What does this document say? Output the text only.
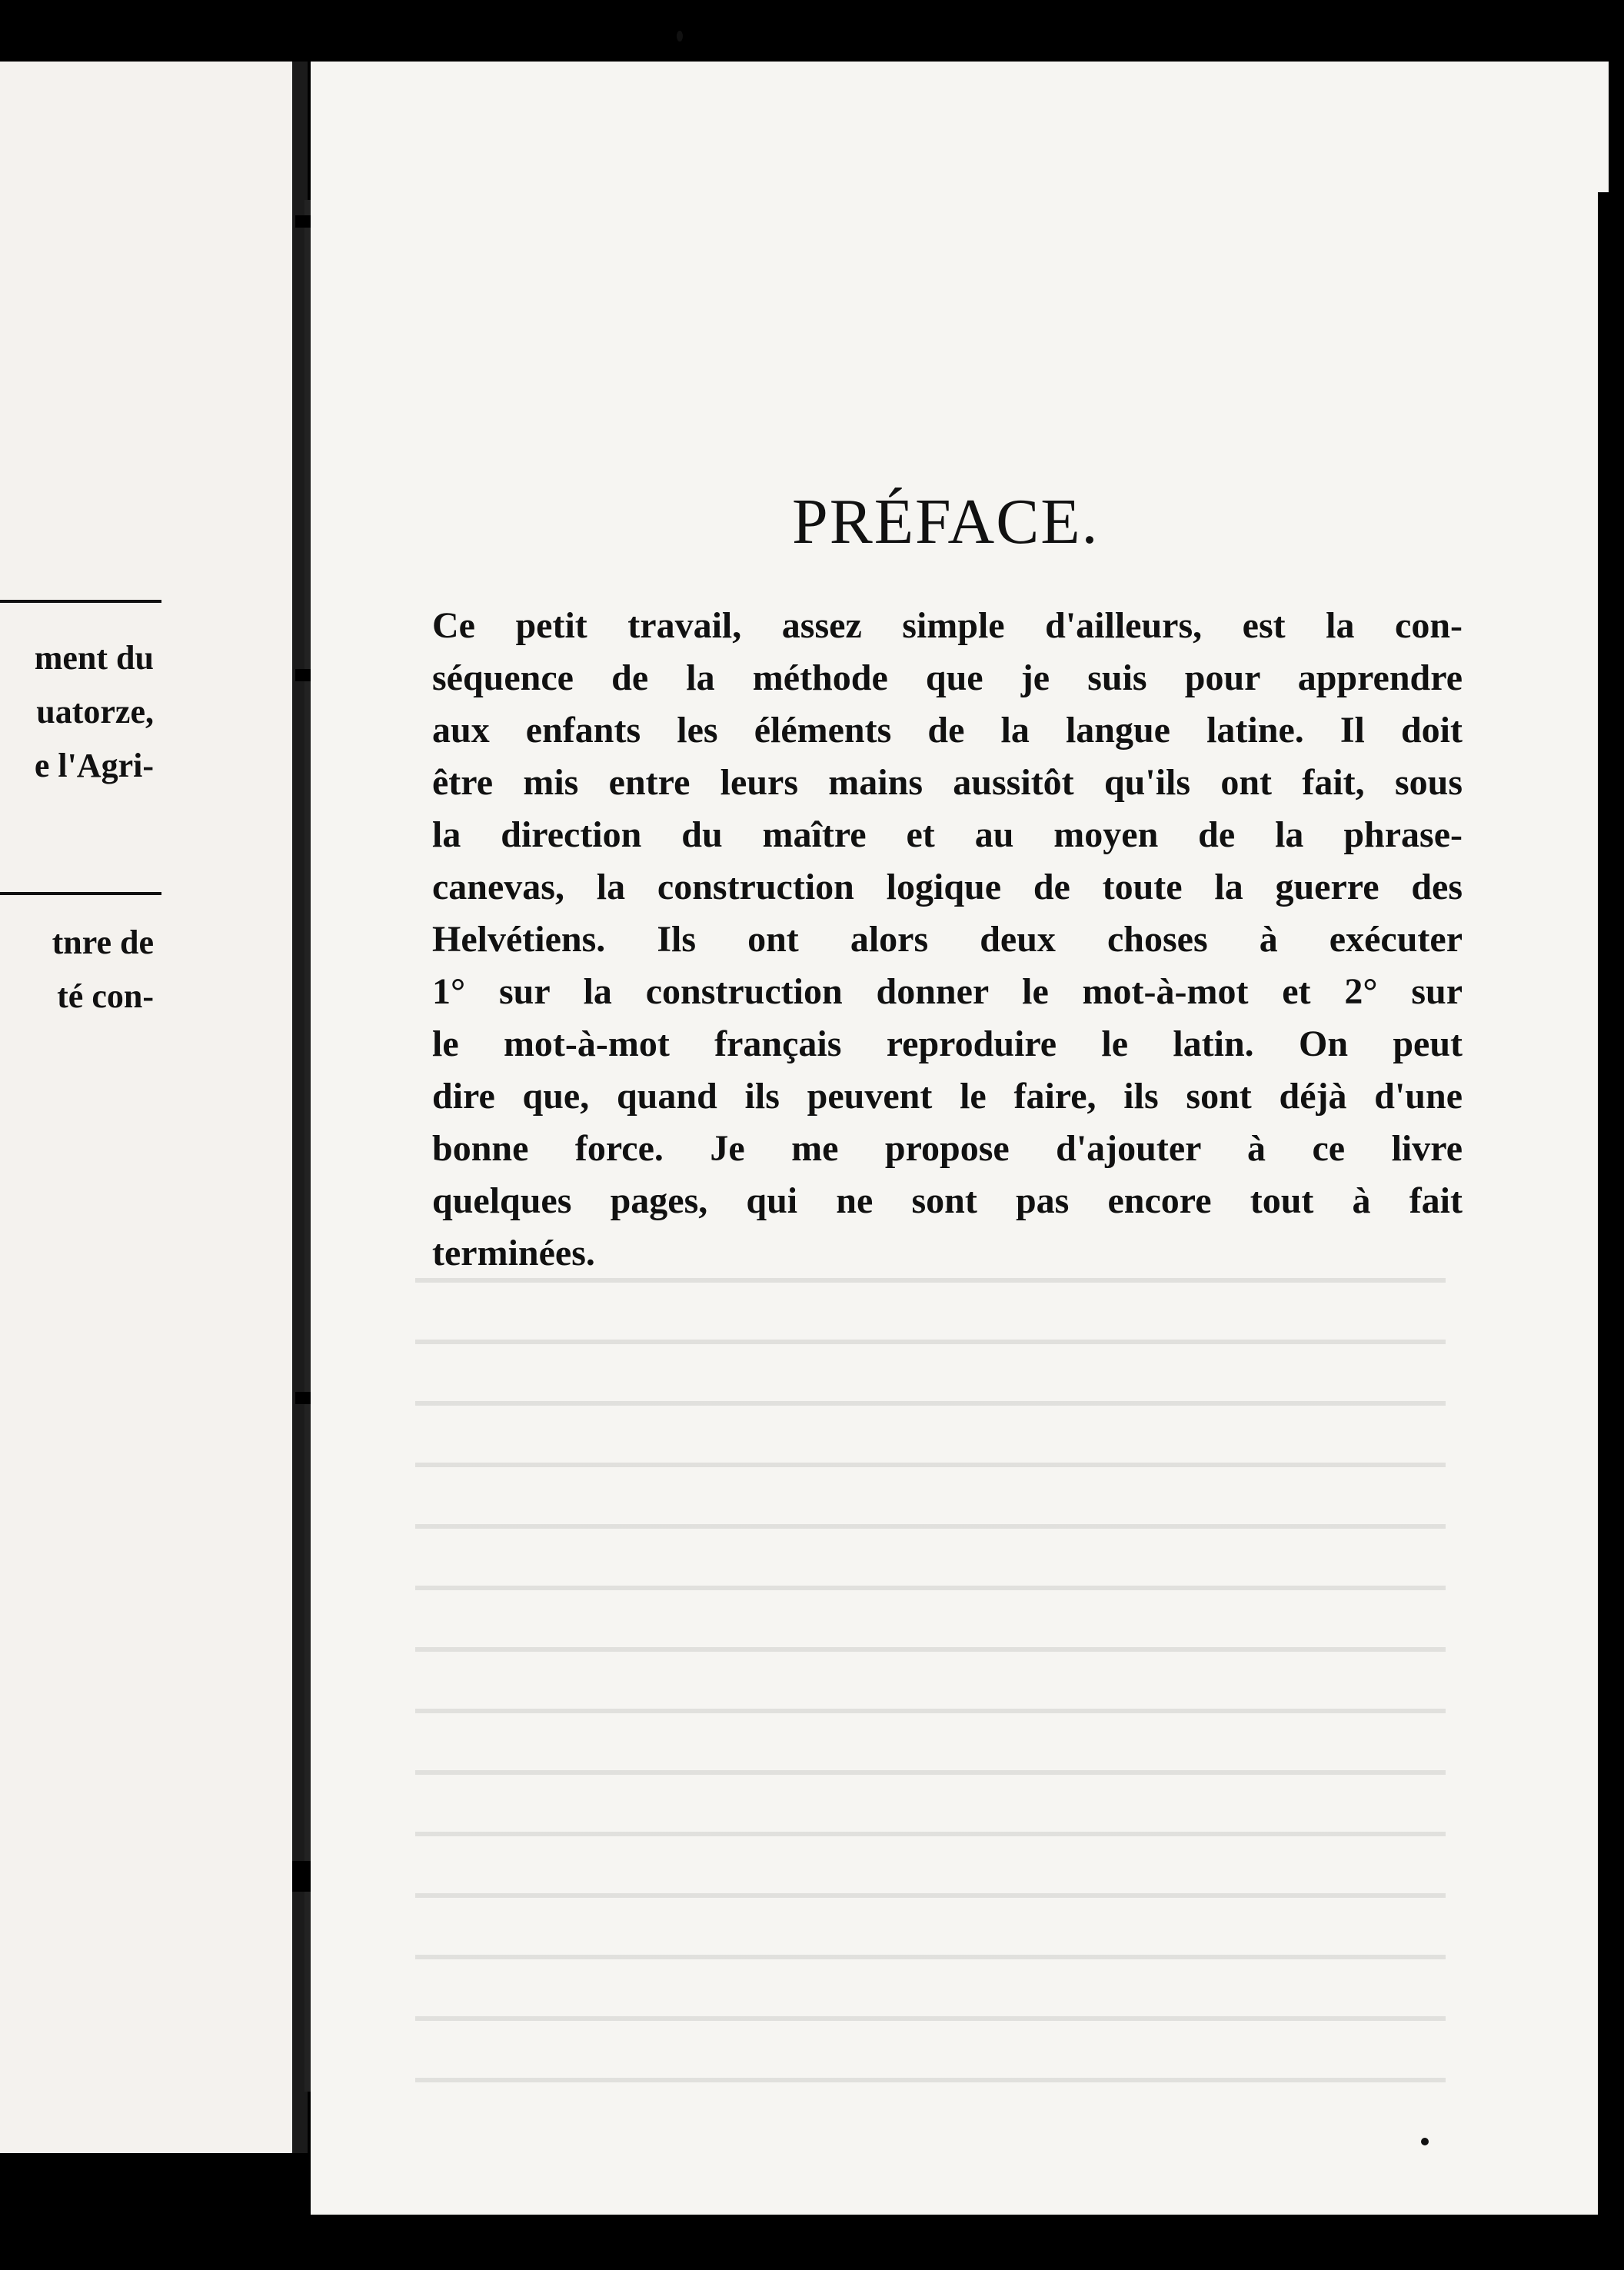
ment du
uatorze,
e l'Agri-
tnre de
té con-
PRÉFACE.
Ce petit travail, assez simple d'ailleurs, est la con-
séquence de la méthode que je suis pour apprendre
aux enfants les éléments de la langue latine. Il doit
être mis entre leurs mains aussitôt qu'ils ont fait, sous
la direction du maître et au moyen de la phrase-
canevas, la construction logique de toute la guerre des
Helvétiens. Ils ont alors deux choses à exécuter
1° sur la construction donner le mot-à-mot et 2° sur
le mot-à-mot français reproduire le latin. On peut
dire que, quand ils peuvent le faire, ils sont déjà d'une
bonne force. Je me propose d'ajouter à ce livre
quelques pages, qui ne sont pas encore tout à fait
terminées.
